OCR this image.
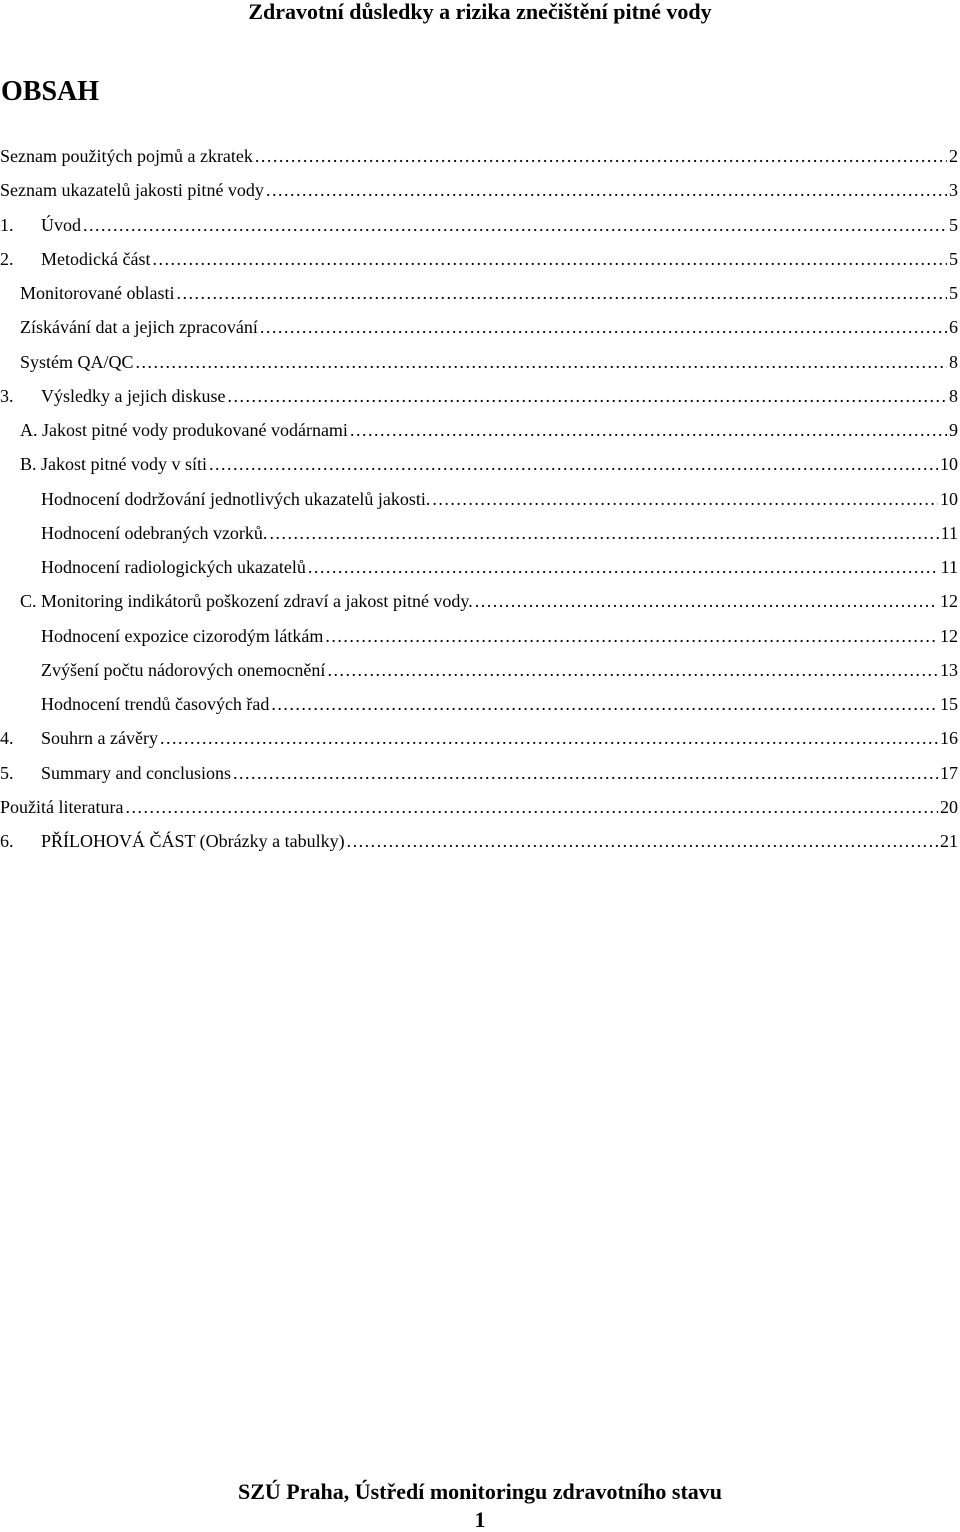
Zdravotní důsledky a rizika znečištění pitné vody
OBSAH
Seznam použitých pojmů a zkratek . . .	2
Seznam ukazatelů jakosti pitné vody . . .	3
1.	Úvod . . .	5
2.	Metodická část . . .	5
Monitorované oblasti . . .	5
Získávání dat a jejich zpracování . . .	6
Systém QA/QC . . .	8
3.	Výsledky a jejich diskuse . . .	8
A. Jakost pitné vody produkované vodárnami . . .	9
B. Jakost pitné vody v síti . . .	10
Hodnocení dodržování jednotlivých ukazatelů jakosti. . . .	10
Hodnocení odebraných vzorků. . . .	11
Hodnocení radiologických ukazatelů . . .	11
C. Monitoring indikátorů poškození zdraví a jakost pitné vody. . . .	12
Hodnocení expozice cizorodým látkám . . .	12
Zvýšení počtu nádorových onemocnění . . .	13
Hodnocení trendů časových řad . . .	15
4.	Souhrn a závěry . . .	16
5.	Summary and conclusions . . .	17
Použitá literatura . . .	20
6.	PŘÍLOHOVÁ ČÁST (Obrázky a tabulky) . . .	21
SZÚ Praha, Ústředí monitoringu zdravotního stavu
1
